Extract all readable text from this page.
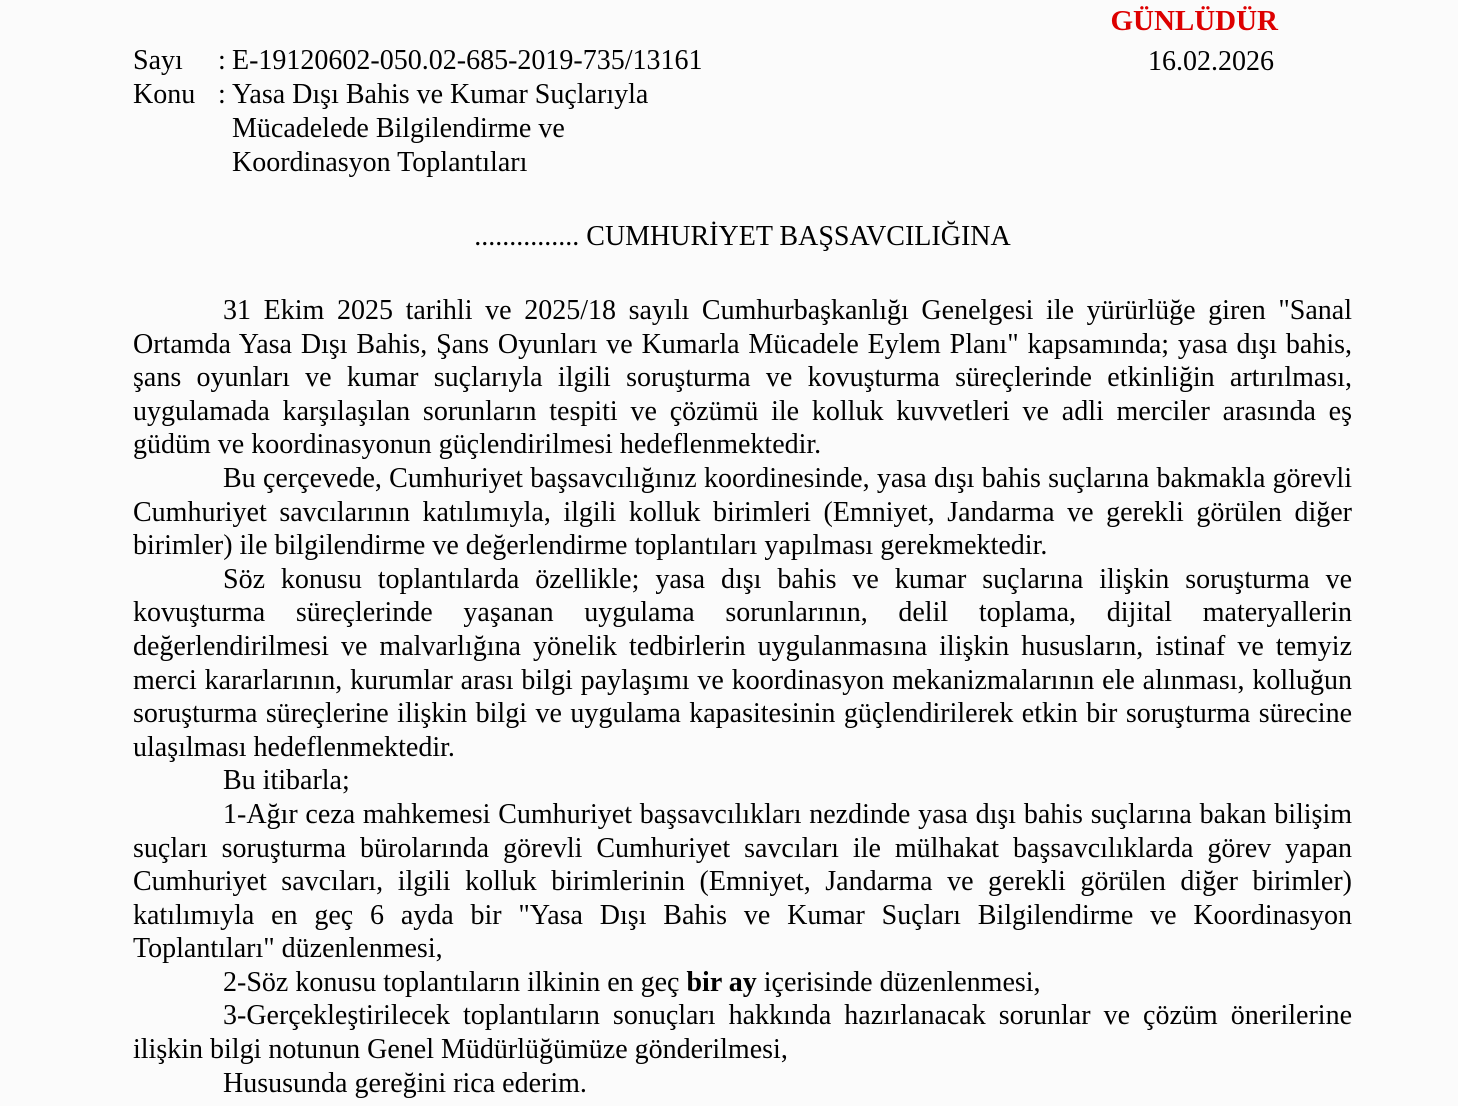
GÜNLÜDÜR
16.02.2026
Sayı	: E-19120602-050.02-685-2019-735/13161
Konu : Yasa Dışı Bahis ve Kumar Suçlarıyla
Mücadelede Bilgilendirme ve
Koordinasyon Toplantıları
............... CUMHURİYET BAŞSAVCILIĞINA

31 Ekim 2025 tarihli ve 2025/18 sayılı Cumhurbaşkanlığı Genelgesi ile yürürlüğe giren "Sanal Ortamda Yasa Dışı Bahis, Şans Oyunları ve Kumarla Mücadele Eylem Planı" kapsamında; yasa dışı bahis, şans oyunları ve kumar suçlarıyla ilgili soruşturma ve kovuşturma süreçlerinde etkinliğin artırılması, uygulamada karşılaşılan sorunların tespiti ve çözümü ile kolluk kuvvetleri ve adli merciler arasında eş güdüm ve koordinasyonun güçlendirilmesi hedeflenmektedir.

Bu çerçevede, Cumhuriyet başsavcılığınız koordinesinde, yasa dışı bahis suçlarına bakmakla görevli Cumhuriyet savcılarının katılımıyla, ilgili kolluk birimleri (Emniyet, Jandarma ve gerekli görülen diğer birimler) ile bilgilendirme ve değerlendirme toplantıları yapılması gerekmektedir.

Söz konusu toplantılarda özellikle; yasa dışı bahis ve kumar suçlarına ilişkin soruşturma ve kovuşturma süreçlerinde yaşanan uygulama sorunlarının, delil toplama, dijital materyallerin değerlendirilmesi ve malvarlığına yönelik tedbirlerin uygulanmasına ilişkin hususların, istinaf ve temyiz merci kararlarının, kurumlar arası bilgi paylaşımı ve koordinasyon mekanizmalarının ele alınması, kolluğun soruşturma süreçlerine ilişkin bilgi ve uygulama kapasitesinin güçlendirilerek etkin bir soruşturma sürecine ulaşılması hedeflenmektedir.

Bu itibarla;

1-Ağır ceza mahkemesi Cumhuriyet başsavcılıkları nezdinde yasa dışı bahis suçlarına bakan bilişim suçları soruşturma bürolarında görevli Cumhuriyet savcıları ile mülhakat başsavcılıklarda görev yapan Cumhuriyet savcıları, ilgili kolluk birimlerinin (Emniyet, Jandarma ve gerekli görülen diğer birimler) katılımıyla en geç 6 ayda bir "Yasa Dışı Bahis ve Kumar Suçları Bilgilendirme ve Koordinasyon Toplantıları" düzenlenmesi,

2-Söz konusu toplantıların ilkinin en geç bir ay içerisinde düzenlenmesi,

3-Gerçekleştirilecek toplantıların sonuçları hakkında hazırlanacak sorunlar ve çözüm önerilerine ilişkin bilgi notunun Genel Müdürlüğümüze gönderilmesi,

Hususunda gereğini rica ederim.
